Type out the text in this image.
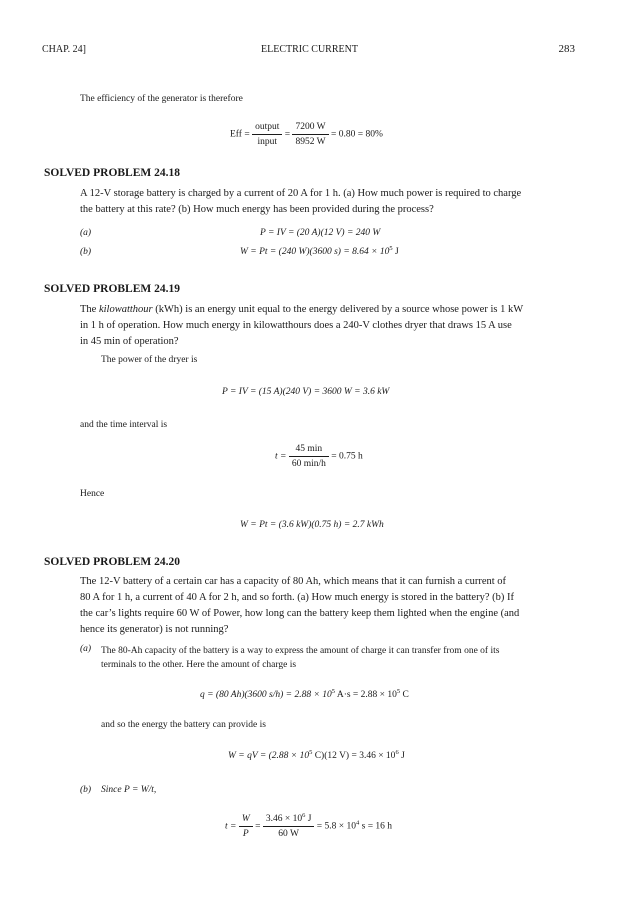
CHAP. 24]	ELECTRIC CURRENT	283
The efficiency of the generator is therefore
Eff = $\frac{\text{output}}{\text{input}} = \frac{7200 W}{8952 W} = 0.80 = 80\%$
SOLVED PROBLEM 24.18
A 12-V storage battery is charged by a current of 20 A for 1 h. (a) How much power is required to charge
the battery at this rate? (b) How much energy has been provided during the process?
(a)	P = IV = (20 A)(12 V) = 240 W
(b)	W = Pt = (240 W)(3600 $s) = 8.64 \times 10^5$ J
SOLVED PROBLEM 24.19
The kilowatthour (kWh) is an energy unit equal to the energy delivered by a source whose power is 1 kW
in 1 h of operation. How much energy in kilowatthours does a 240-V clothes dryer that draws 15 A use
in 45 min of operation?
The power of the dryer is
P = IV = (15 A)(240 V) = 3600 W = 3.6 kW
and the time interval is
$t = \frac{45 \min}{60 \min/h} = 0.75$ h
Hence
W = Pt = (3.6 kW)(0.75 h) = 2.7 kWh
SOLVED PROBLEM 24.20
The 12-V battery of a certain car has a capacity of 80 Ah, which means that it can furnish a current of
80 A for 1 h, a current of 40 A for 2 h, and so forth. (a) How much energy is stored in the battery? (b) If
the car’s lights require 60 W of Power, how long can the battery keep them lighted when the engine (and
hence its generator) is not running?
(a) The 80-Ah capacity of the battery is a way to express the amount of charge it can transfer from one of its
terminals to the other. Here the amount of charge is
q = (80 Ah)(3600 $s/h) = 2.88 \times 10^5$ $A\cdot s = 2.88 \times 10^5$ C
and so the energy the battery can provide is
W = qV = ($2.88 \times 10^5$ C)(12 $V) = 3.46 \times 10^6$ J
(b) Since P = W/t,
$t = \frac{W}{P} = \frac{3.46 \times 10^6 J}{60 W} = 5.8 \times 10^4$ s = 16 h
